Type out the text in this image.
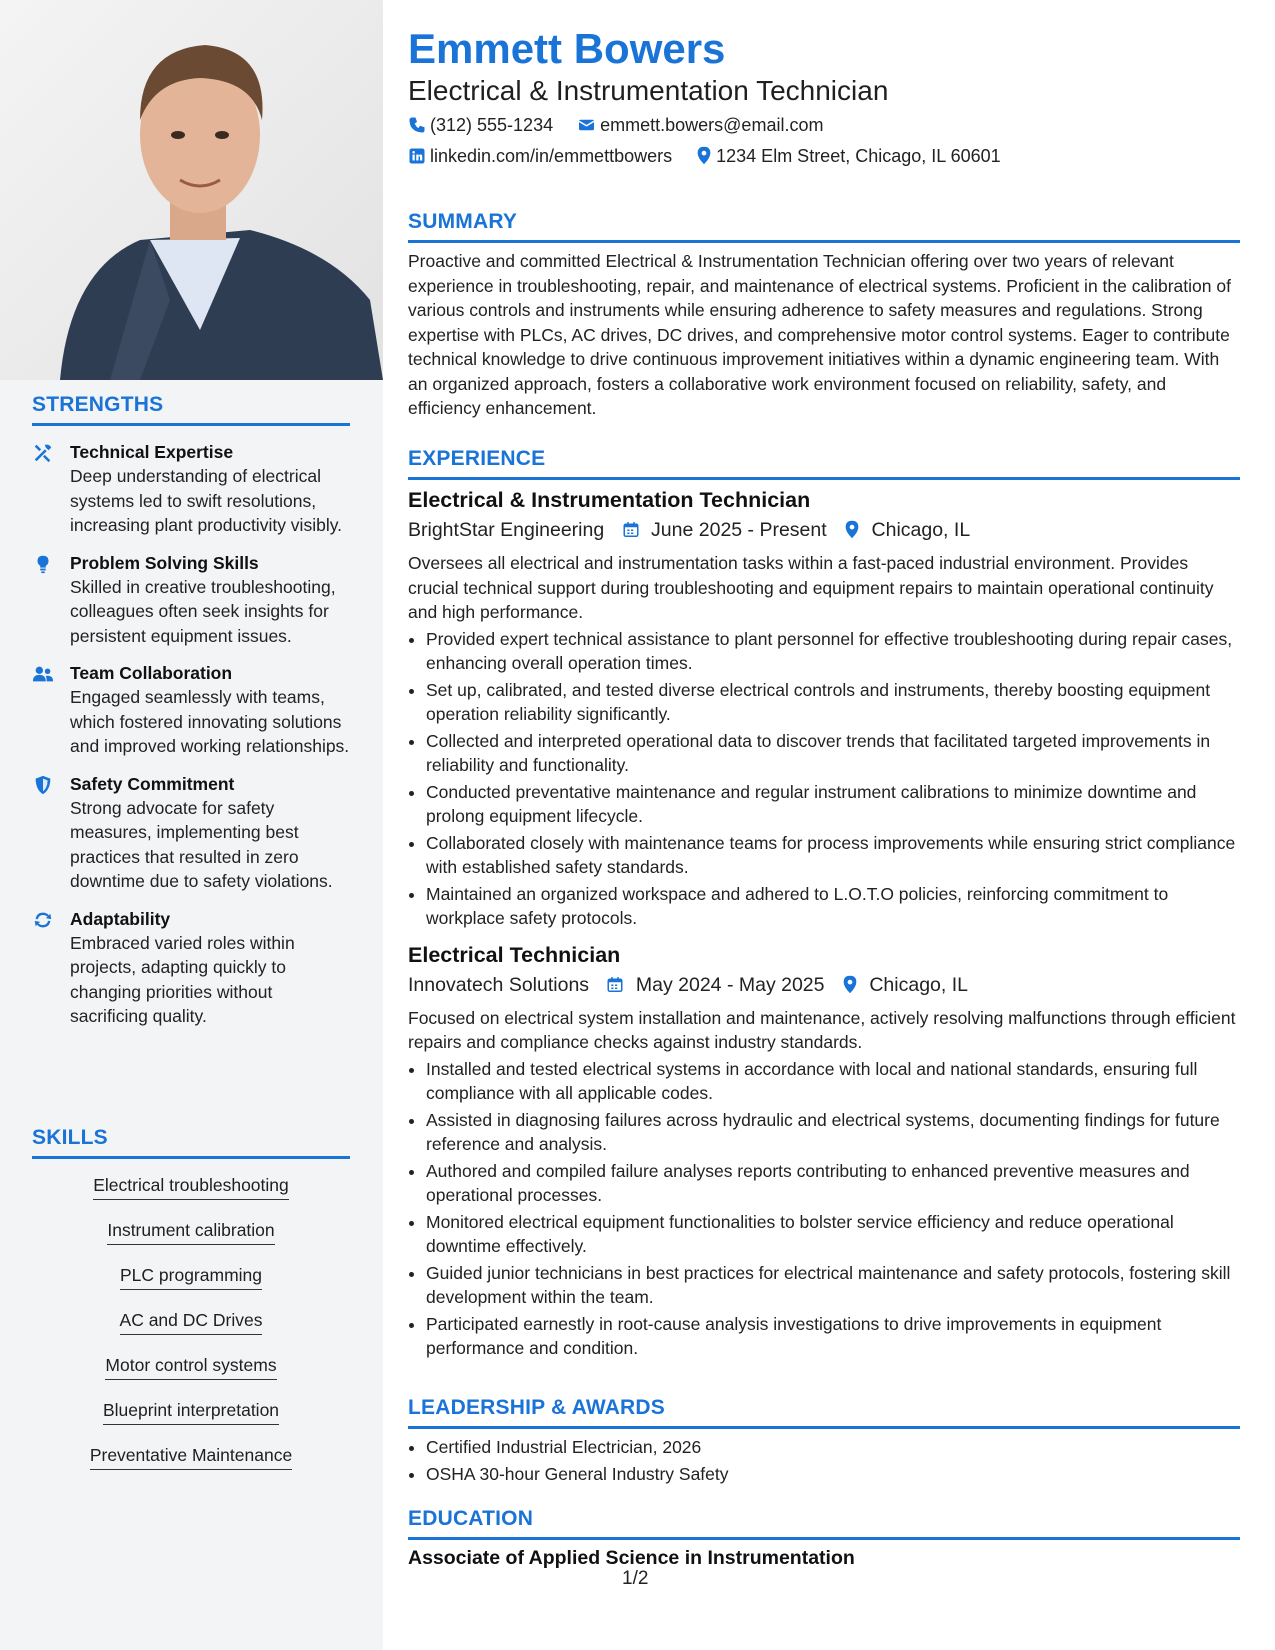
STRENGTHS
Technical Expertise
Deep understanding of electrical systems led to swift resolutions, increasing plant productivity visibly.
Problem Solving Skills
Skilled in creative troubleshooting, colleagues often seek insights for persistent equipment issues.
Team Collaboration
Engaged seamlessly with teams, which fostered innovating solutions and improved working relationships.
Safety Commitment
Strong advocate for safety measures, implementing best practices that resulted in zero downtime due to safety violations.
Adaptability
Embraced varied roles within projects, adapting quickly to changing priorities without sacrificing quality.
SKILLS
Electrical troubleshooting
Instrument calibration
PLC programming
AC and DC Drives
Motor control systems
Blueprint interpretation
Preventative Maintenance
Emmett Bowers
Electrical & Instrumentation Technician
(312) 555-1234	emmett.bowers@email.com
linkedin.com/in/emmettbowers 1234 Elm Street, Chicago, IL 60601
SUMMARY
Proactive and committed Electrical & Instrumentation Technician offering over two years of relevant experience in troubleshooting, repair, and maintenance of electrical systems. Proficient in the calibration of various controls and instruments while ensuring adherence to safety measures and regulations. Strong expertise with PLCs, AC drives, DC drives, and comprehensive motor control systems. Eager to contribute technical knowledge to drive continuous improvement initiatives within a dynamic engineering team. With an organized approach, fosters a collaborative work environment focused on reliability, safety, and efficiency enhancement.
EXPERIENCE
Electrical & Instrumentation Technician
BrightStar Engineering June 2025 - Present Chicago, IL
Oversees all electrical and instrumentation tasks within a fast-paced industrial environment. Provides crucial technical support during troubleshooting and equipment repairs to maintain operational continuity and high performance.
• Provided expert technical assistance to plant personnel for effective troubleshooting during repair cases, enhancing overall operation times.
• Set up, calibrated, and tested diverse electrical controls and instruments, thereby boosting equipment operation reliability significantly.
• Collected and interpreted operational data to discover trends that facilitated targeted improvements in reliability and functionality.
• Conducted preventative maintenance and regular instrument calibrations to minimize downtime and prolong equipment lifecycle.
• Collaborated closely with maintenance teams for process improvements while ensuring strict compliance with established safety standards.
• Maintained an organized workspace and adhered to L.O.T.O policies, reinforcing commitment to workplace safety protocols.
Electrical Technician
Innovatech Solutions May 2024 - May 2025 Chicago, IL
Focused on electrical system installation and maintenance, actively resolving malfunctions through efficient repairs and compliance checks against industry standards.
• Installed and tested electrical systems in accordance with local and national standards, ensuring full compliance with all applicable codes.
• Assisted in diagnosing failures across hydraulic and electrical systems, documenting findings for future reference and analysis.
• Authored and compiled failure analyses reports contributing to enhanced preventive measures and operational processes.
• Monitored electrical equipment functionalities to bolster service efficiency and reduce operational downtime effectively.
• Guided junior technicians in best practices for electrical maintenance and safety protocols, fostering skill development within the team.
• Participated earnestly in root-cause analysis investigations to drive improvements in equipment performance and condition.
LEADERSHIP & AWARDS
• Certified Industrial Electrician, 2026
• OSHA 30-hour General Industry Safety
EDUCATION
Associate of Applied Science in Instrumentation
1/2
